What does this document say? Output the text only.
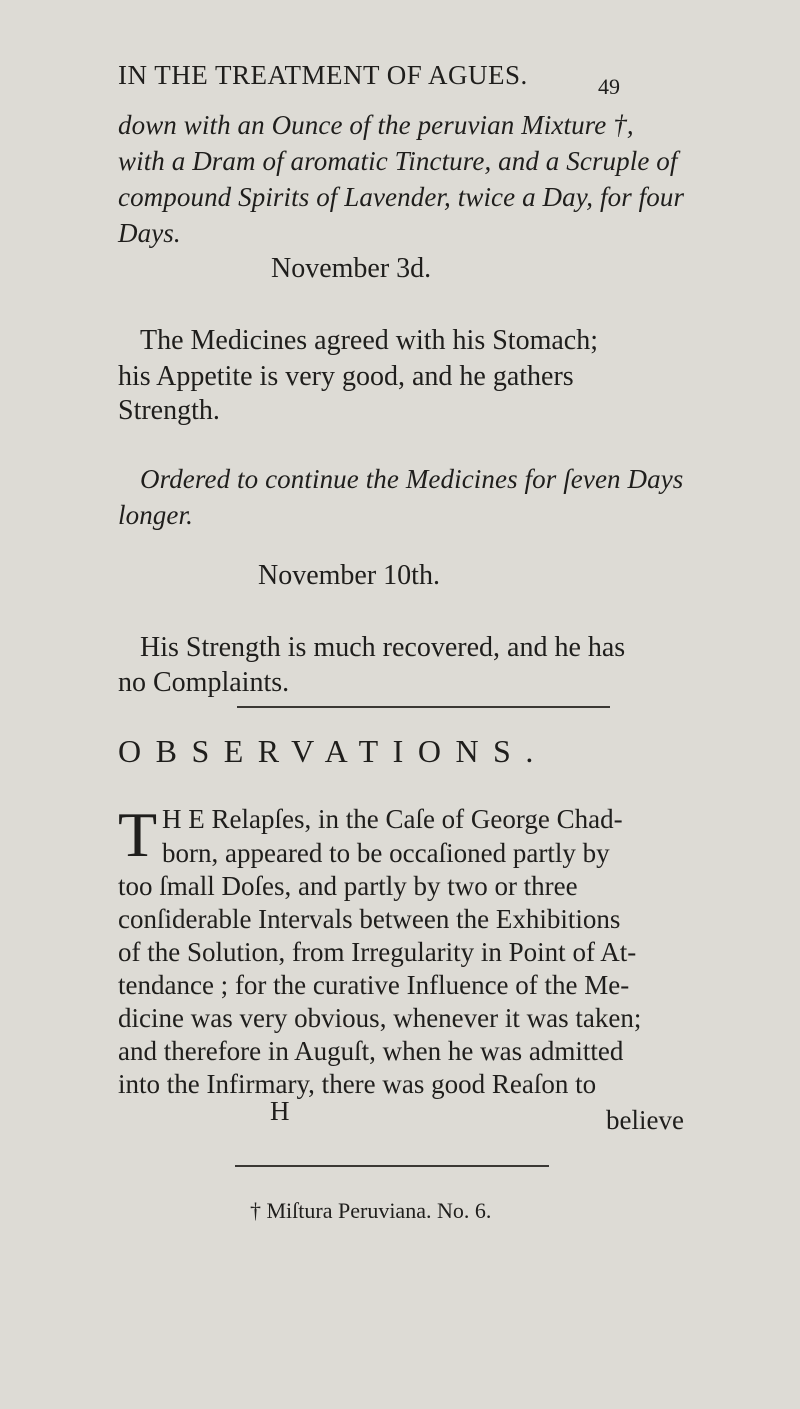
IN THE TREATMENT OF AGUES.	49
down with an Ounce of the peruvian Mixture †,
with a Dram of aromatic Tincture, and a Scruple of
compound Spirits of Lavender, twice a Day, for four
Days.
November 3d.
The Medicines agreed with his Stomach;
his Appetite is very good, and he gathers
Strength.
Ordered to continue the Medicines for ſeven Days
longer.
November 10th.
His Strength is much recovered, and he has
no Complaints.
OBSERVATIONS.
T H E Relapſes, in the Caſe of George Chad-
born, appeared to be occaſioned partly by
too ſmall Doſes, and partly by two or three
conſiderable Intervals between the Exhibitions
of the Solution, from Irregularity in Point of At-
tendance ; for the curative Influence of the Me-
dicine was very obvious, whenever it was taken;
and therefore in Auguſt, when he was admitted
into the Infirmary, there was good Reaſon to
H	believe
† Miſtura Peruviana. No. 6.
